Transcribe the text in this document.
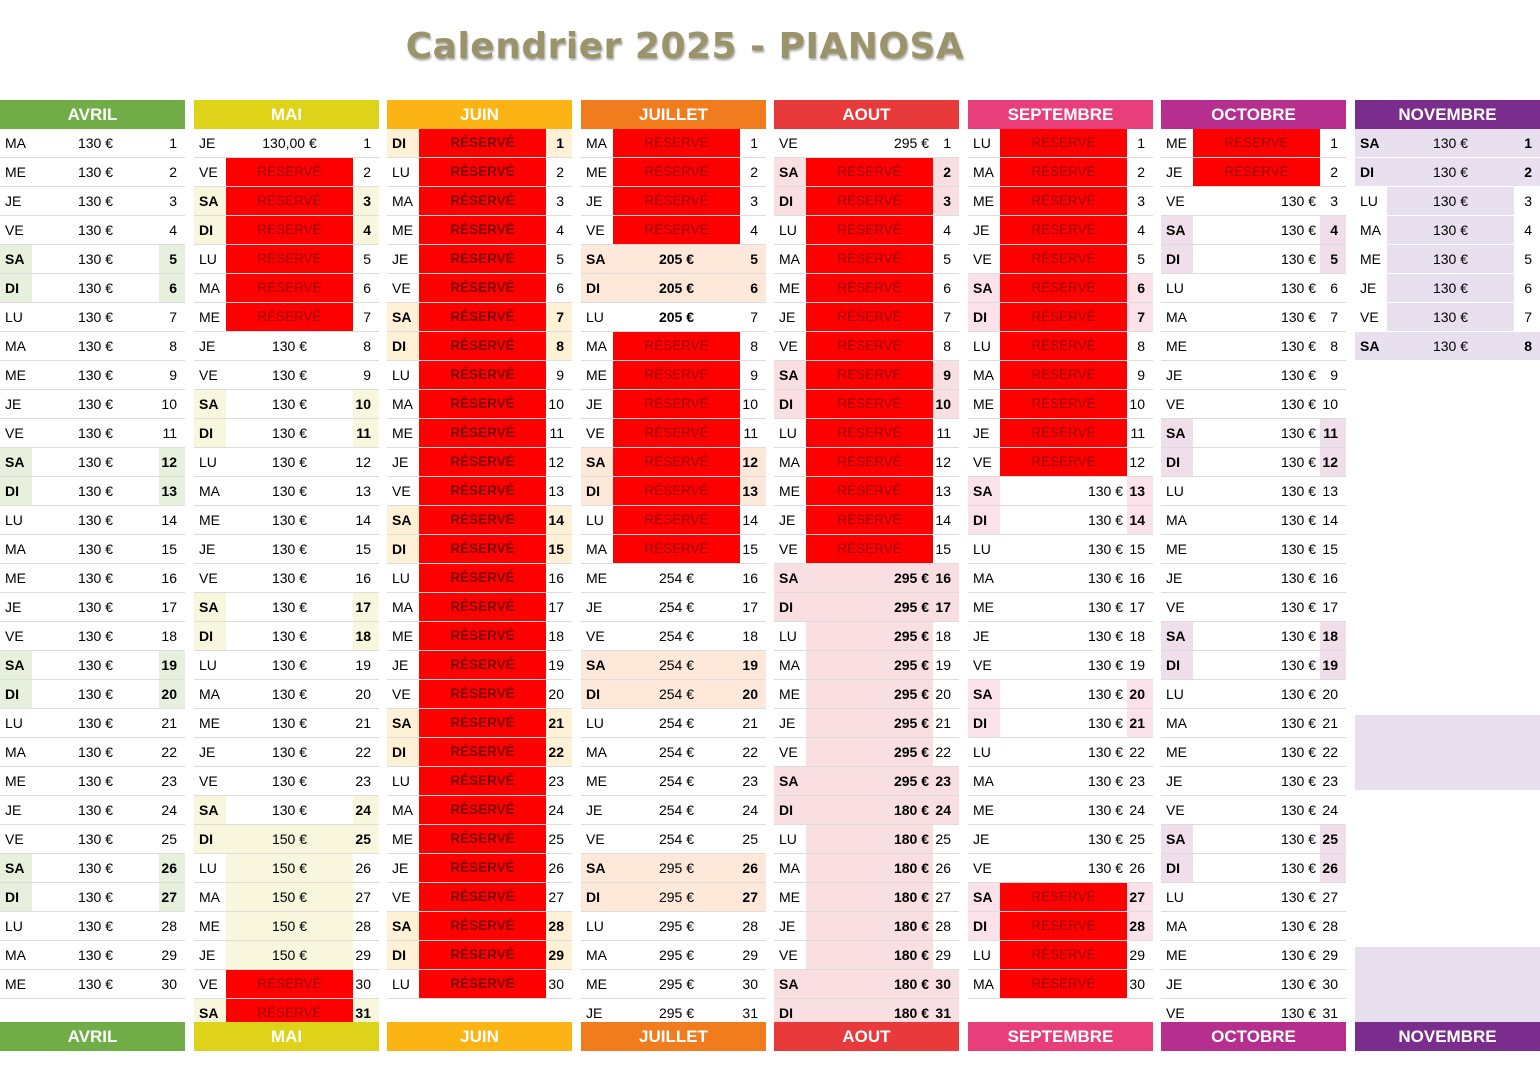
Calendrier 2025 - PIANOSA
AVRIL
MA	130 €	1
ME	130 €	2
JE	130 €	3
VE	130 €	4
SA	130 €	5
DI	130 €	6
LU	130 €	7
MA	130 €	8
ME	130 €	9
JE	130 €	10
VE	130 €	11
SA	130 €	12
DI	130 €	13
LU	130 €	14
MA	130 €	15
ME	130 €	16
JE	130 €	17
VE	130 €	18
SA	130 €	19
DI	130 €	20
LU	130 €	21
MA	130 €	22
ME	130 €	23
JE	130 €	24
VE	130 €	25
SA	130 €	26
DI	130 €	27
LU	130 €	28
MA	130 €	29
ME	130 €	30
AVRIL
MAI
JE	130,00 €	1
VE	RÉSERVÉ	2
SA	RÉSERVÉ	3
DI	RÉSERVÉ	4
LU	RÉSERVÉ	5
MA	RÉSERVÉ	6
ME	RÉSERVÉ	7
JE	130 €	8
VE	130 €	9
SA	130 €	10
DI	130 €	11
LU	130 €	12
MA	130 €	13
ME	130 €	14
JE	130 €	15
VE	130 €	16
SA	130 €	17
DI	130 €	18
LU	130 €	19
MA	130 €	20
ME	130 €	21
JE	130 €	22
VE	130 €	23
SA	130 €	24
DI	150 €	25
LU	150 €	26
MA	150 €	27
ME	150 €	28
JE	150 €	29
VE	RÉSERVÉ	30
SA	RÉSERVÉ	31
MAI
JUIN
DI	RÉSERVÉ	1
LU	RÉSERVÉ	2
MA	RÉSERVÉ	3
ME	RÉSERVÉ	4
JE	RÉSERVÉ	5
VE	RÉSERVÉ	6
SA	RÉSERVÉ	7
DI	RÉSERVÉ	8
LU	RÉSERVÉ	9
MA	RÉSERVÉ	10
ME	RÉSERVÉ	11
JE	RÉSERVÉ	12
VE	RÉSERVÉ	13
SA	RÉSERVÉ	14
DI	RÉSERVÉ	15
LU	RÉSERVÉ	16
MA	RÉSERVÉ	17
ME	RÉSERVÉ	18
JE	RÉSERVÉ	19
VE	RÉSERVÉ	20
SA	RÉSERVÉ	21
DI	RÉSERVÉ	22
LU	RÉSERVÉ	23
MA	RÉSERVÉ	24
ME	RÉSERVÉ	25
JE	RÉSERVÉ	26
VE	RÉSERVÉ	27
SA	RÉSERVÉ	28
DI	RÉSERVÉ	29
LU	RÉSERVÉ	30
JUIN
JUILLET
MA	RÉSERVÉ	1
ME	RÉSERVÉ	2
JE	RÉSERVÉ	3
VE	RÉSERVÉ	4
SA	205 €	5
DI	205 €	6
LU	205 €	7
MA	RÉSERVÉ	8
ME	RÉSERVÉ	9
JE	RÉSERVÉ	10
VE	RÉSERVÉ	11
SA	RÉSERVÉ	12
DI	RÉSERVÉ	13
LU	RÉSERVÉ	14
MA	RÉSERVÉ	15
ME	254 €	16
JE	254 €	17
VE	254 €	18
SA	254 €	19
DI	254 €	20
LU	254 €	21
MA	254 €	22
ME	254 €	23
JE	254 €	24
VE	254 €	25
SA	295 €	26
DI	295 €	27
LU	295 €	28
MA	295 €	29
ME	295 €	30
JE	295 €	31
JUILLET
AOUT
VE	295 €	1
SA	RÉSERVÉ	2
DI	RÉSERVÉ	3
LU	RÉSERVÉ	4
MA	RÉSERVÉ	5
ME	RÉSERVÉ	6
JE	RÉSERVÉ	7
VE	RÉSERVÉ	8
SA	RÉSERVÉ	9
DI	RÉSERVÉ	10
LU	RÉSERVÉ	11
MA	RÉSERVÉ	12
ME	RÉSERVÉ	13
JE	RÉSERVÉ	14
VE	RÉSERVÉ	15
SA	295 € 16
DI	295 € 17
LU	295 € 18
MA	295 € 19
ME	295 € 20
JE	295 € 21
VE	295 € 22
SA	295 € 23
DI	180 € 24
LU	180 € 25
MA	180 € 26
ME	180 € 27
JE	180 € 28
VE	180 € 29
SA	180 € 30
DI	180 € 31
AOUT
SEPTEMBRE
LU	RÉSERVÉ	1
MA	RÉSERVÉ	2
ME	RÉSERVÉ	3
JE	RÉSERVÉ	4
VE	RÉSERVÉ	5
SA	RÉSERVÉ	6
DI	RÉSERVÉ	7
LU	RÉSERVÉ	8
MA	RÉSERVÉ	9
ME	RÉSERVÉ	10
JE	RÉSERVÉ	11
VE	RÉSERVÉ	12
SA	130 € 13
DI	130 € 14
LU	130 € 15
MA	130 € 16
ME	130 € 17
JE	130 € 18
VE	130 € 19
SA	130 € 20
DI	130 € 21
LU	130 € 22
MA	130 € 23
ME	130 € 24
JE	130 € 25
VE	130 € 26
SA	RÉSERVÉ	27
DI	RÉSERVÉ	28
LU	RÉSERVÉ	29
MA	RÉSERVÉ	30
SEPTEMBRE
OCTOBRE
ME	RÉSERVÉ	1
JE	RÉSERVÉ	2
VE	130 €	3
SA	130 €	4
DI	130 €	5
LU	130 €	6
MA	130 €	7
ME	130 €	8
JE	130 €	9
VE	130 € 10
SA	130 € 11
DI	130 € 12
LU	130 € 13
MA	130 € 14
ME	130 € 15
JE	130 € 16
VE	130 € 17
SA	130 € 18
DI	130 € 19
LU	130 € 20
MA	130 € 21
ME	130 € 22
JE	130 € 23
VE	130 € 24
SA	130 € 25
DI	130 € 26
LU	130 € 27
MA	130 € 28
ME	130 € 29
JE	130 € 30
VE	130 € 31
OCTOBRE
NOVEMBRE
SA	130 €	1
DI	130 €	2
LU	130 €	3
MA	130 €	4
ME	130 €	5
JE	130 €	6
VE	130 €	7
SA	130 €	8
NOVEMBRE
